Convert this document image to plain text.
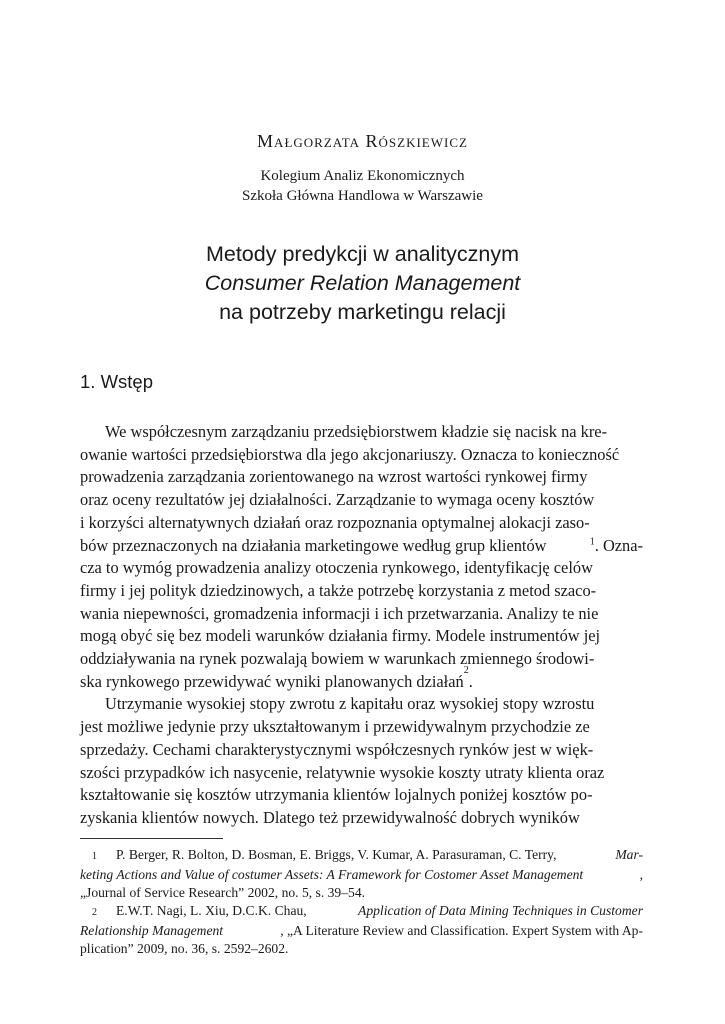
Małgorzata Rószkiewicz
Kolegium Analiz Ekonomicznych
Szkoła Główna Handlowa w Warszawie
Metody predykcji w analitycznym
Consumer Relation Management
na potrzeby marketingu relacji
1. Wstęp
We współczesnym zarządzaniu przedsiębiorstwem kładzie się nacisk na kre-
owanie wartości przedsiębiorstwa dla jego akcjonariuszy. Oznacza to konieczność
prowadzenia zarządzania zorientowanego na wzrost wartości rynkowej firmy
oraz oceny rezultatów jej działalności. Zarządzanie to wymaga oceny kosztów
i korzyści alternatywnych działań oraz rozpoznania optymalnej alokacji zaso-
bów przeznaczonych na działania marketingowe według grup klientów	$^1$. Ozna-
cza to wymóg prowadzenia analizy otoczenia rynkowego, identyfikację celów
firmy i jej polityk dziedzinowych, a także potrzebę korzystania z metod szaco-
wania niepewności, gromadzenia informacji i ich przetwarzania. Analizy te nie
mogą obyć się bez modeli warunków działania firmy. Modele instrumentów jej
oddziaływania na rynek pozwalają bowiem w warunkach zmiennego środowi-
ska rynkowego przewidywać wyniki planowanych działań
2
.
Utrzymanie wysokiej stopy zwrotu z kapitału oraz wysokiej stopy wzrostu
jest możliwe jedynie przy ukształtowanym i przewidywalnym przychodzie ze
sprzedaży. Cechami charakterystycznymi współczesnych rynków jest w więk-
szości przypadków ich nasycenie, relatywnie wysokie koszty utraty klienta oraz
kształtowanie się kosztów utrzymania klientów lojalnych poniżej kosztów po-
zyskania klientów nowych. Dlatego też przewidywalność dobrych wyników
1 P. Berger, R. Bolton, D. Bosman, E. Briggs, V. Kumar, A. Parasuraman, C. Terry,	Mar-
keting Actions and Value of costumer Assets: A Framework for Costomer Asset Management	,
„Journal of Service Research” 2002, no. 5, s. 39–54.
2 E.W.T. Nagi, L. Xiu, D.C.K. Chau,	Application of Data Mining Techniques in Customer
Relationship Management	, „A Literature Review and Classification. Expert System with Ap-
plication” 2009, no. 36, s. 2592–2602.
